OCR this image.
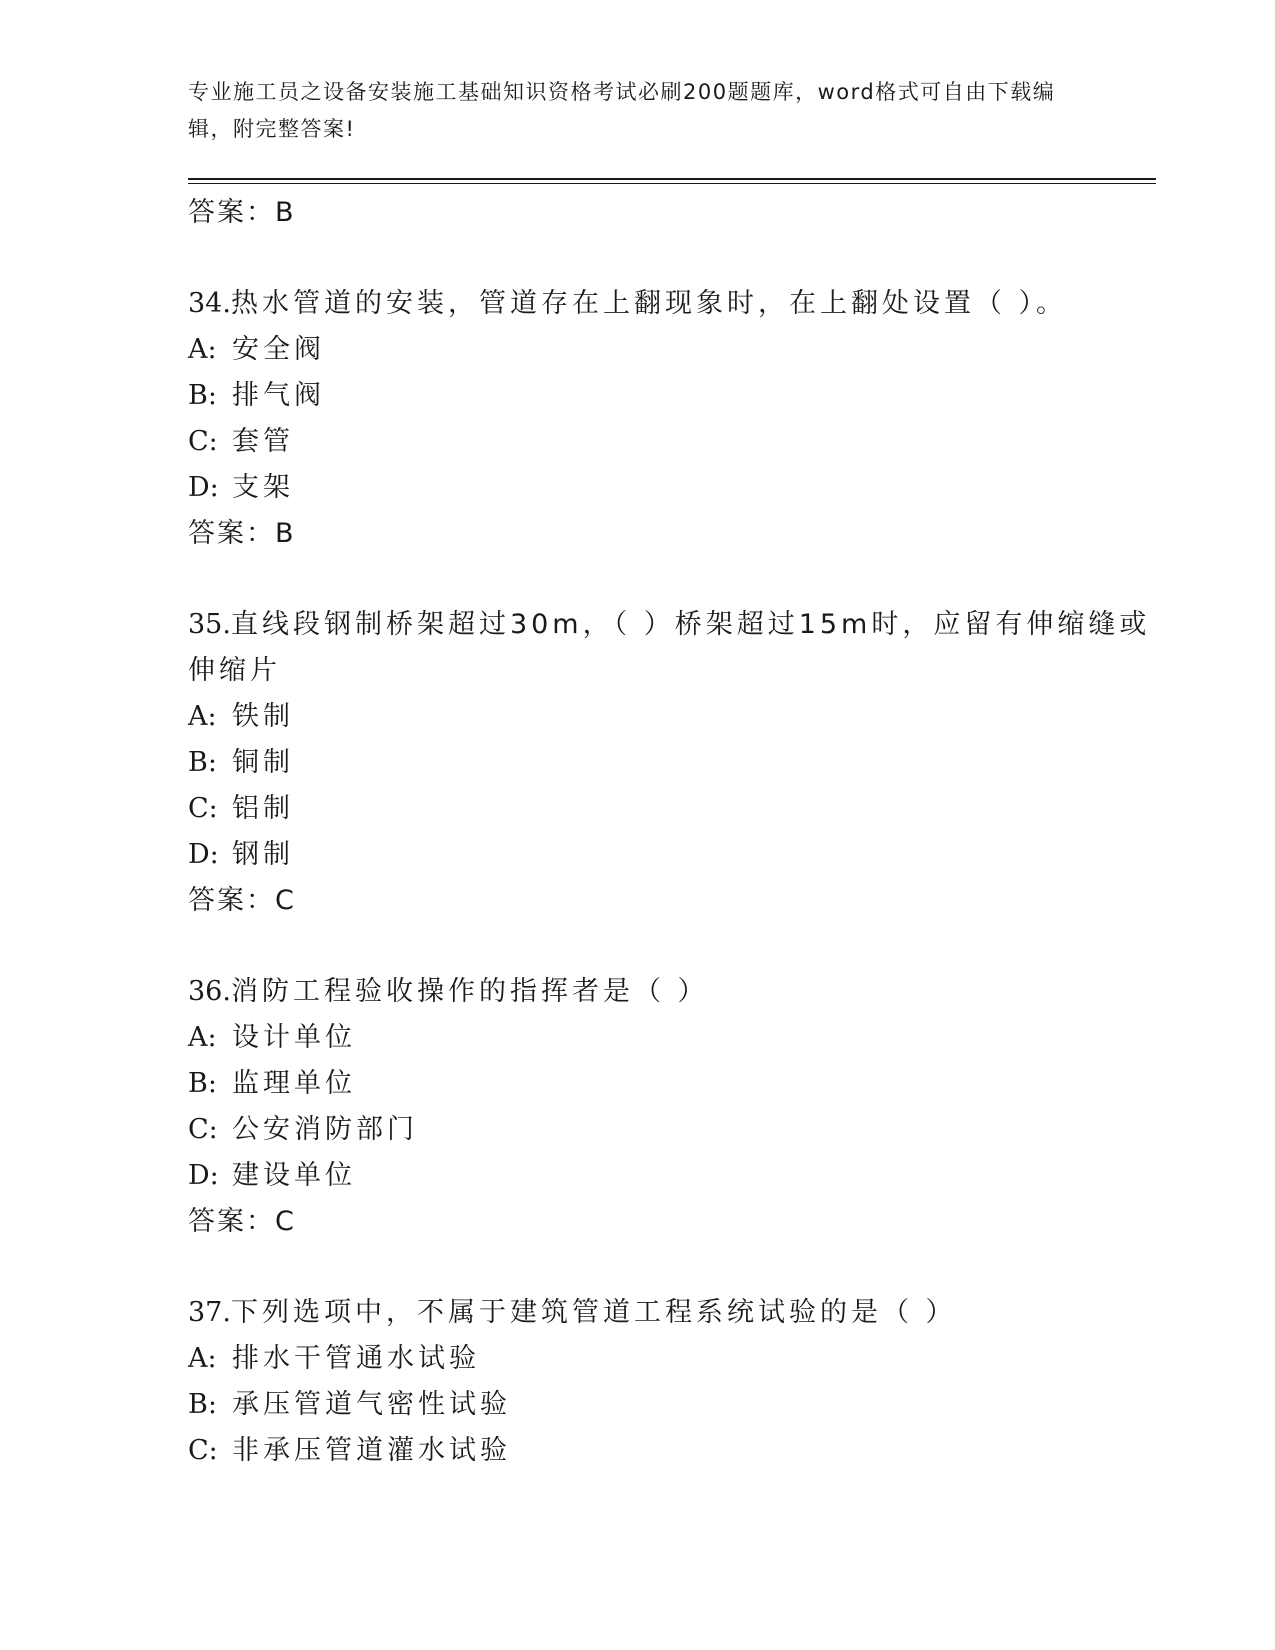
专业施工员之设备安装施工基础知识资格考试必刷200题题库，word格式可自由下载编辑，附完整答案!
答案：B
34.热水管道的安装，管道存在上翻现象时，在上翻处设置（ ）。
A: 安全阀
B: 排气阀
C: 套管
D: 支架
答案：B
35.直线段钢制桥架超过30m，（ ）桥架超过15m时，应留有伸缩缝或
伸缩片
A: 铁制
B: 铜制
C: 铝制
D: 钢制
答案：C
36.消防工程验收操作的指挥者是（ ）
A: 设计单位
B: 监理单位
C: 公安消防部门
D: 建设单位
答案：C
37.下列选项中，不属于建筑管道工程系统试验的是（ ）
A: 排水干管通水试验
B: 承压管道气密性试验
C: 非承压管道灌水试验
